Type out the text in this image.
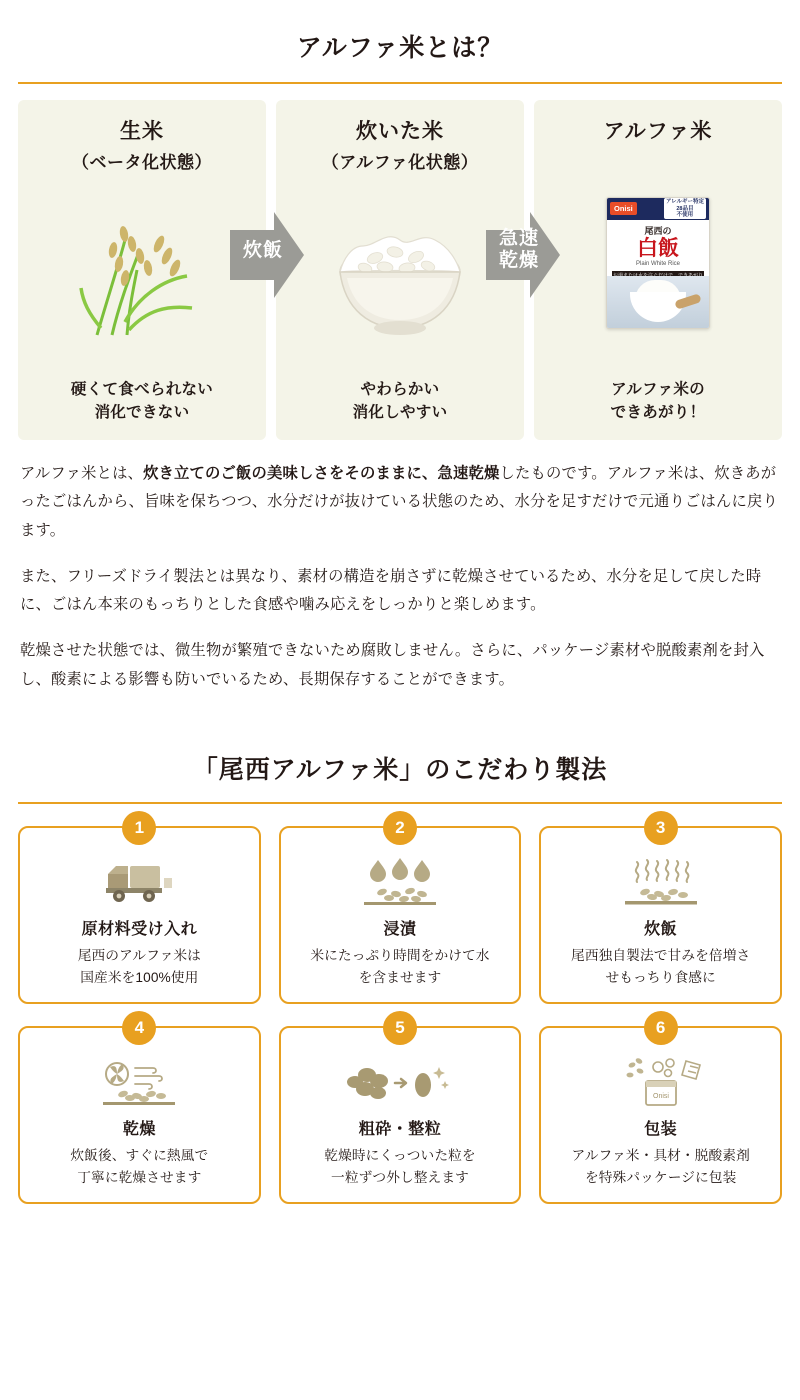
アルファ米とは？
生米
（ベータ化状態）
硬くて食べられない
消化できない
炊いた米
（アルファ化状態）
やわらかい
消化しやすい
アルファ米
Onisi
アレルギー特定
28品目
不使用
尾西の
白飯
Plain White Rice
アルファ米の
できあがり！
炊飯
急速
乾燥

アルファ米とは、炊き立てのご飯の美味しさをそのままに、急速乾燥したものです。アルファ米は、炊きあがったごはんから、旨味を保ちつつ、水分だけが抜けている状態のため、水分を足すだけで元通りごはんに戻ります。

また、フリーズドライ製法とは異なり、素材の構造を崩さずに乾燥させているため、水分を足して戻した時に、ごはん本来のもっちりとした食感や噛み応えをしっかりと楽しめます。

乾燥させた状態では、微生物が繁殖できないため腐敗しません。さらに、パッケージ素材や脱酸素剤を封入し、酸素による影響も防いでいるため、長期保存することができます。

「尾西アルファ米」のこだわり製法
1
原材料受け入れ
尾西のアルファ米は
国産米を100%使用
2
浸漬
米にたっぷり時間をかけて水
を含ませます
3
炊飯
尾西独自製法で甘みを倍増さ
せもっちり食感に
4
乾燥
炊飯後、すぐに熱風で
丁寧に乾燥させます
5
粗砕・整粒
乾燥時にくっついた粒を
一粒ずつ外し整えます
6
Onisi
包装
アルファ米・具材・脱酸素剤
を特殊パッケージに包装
